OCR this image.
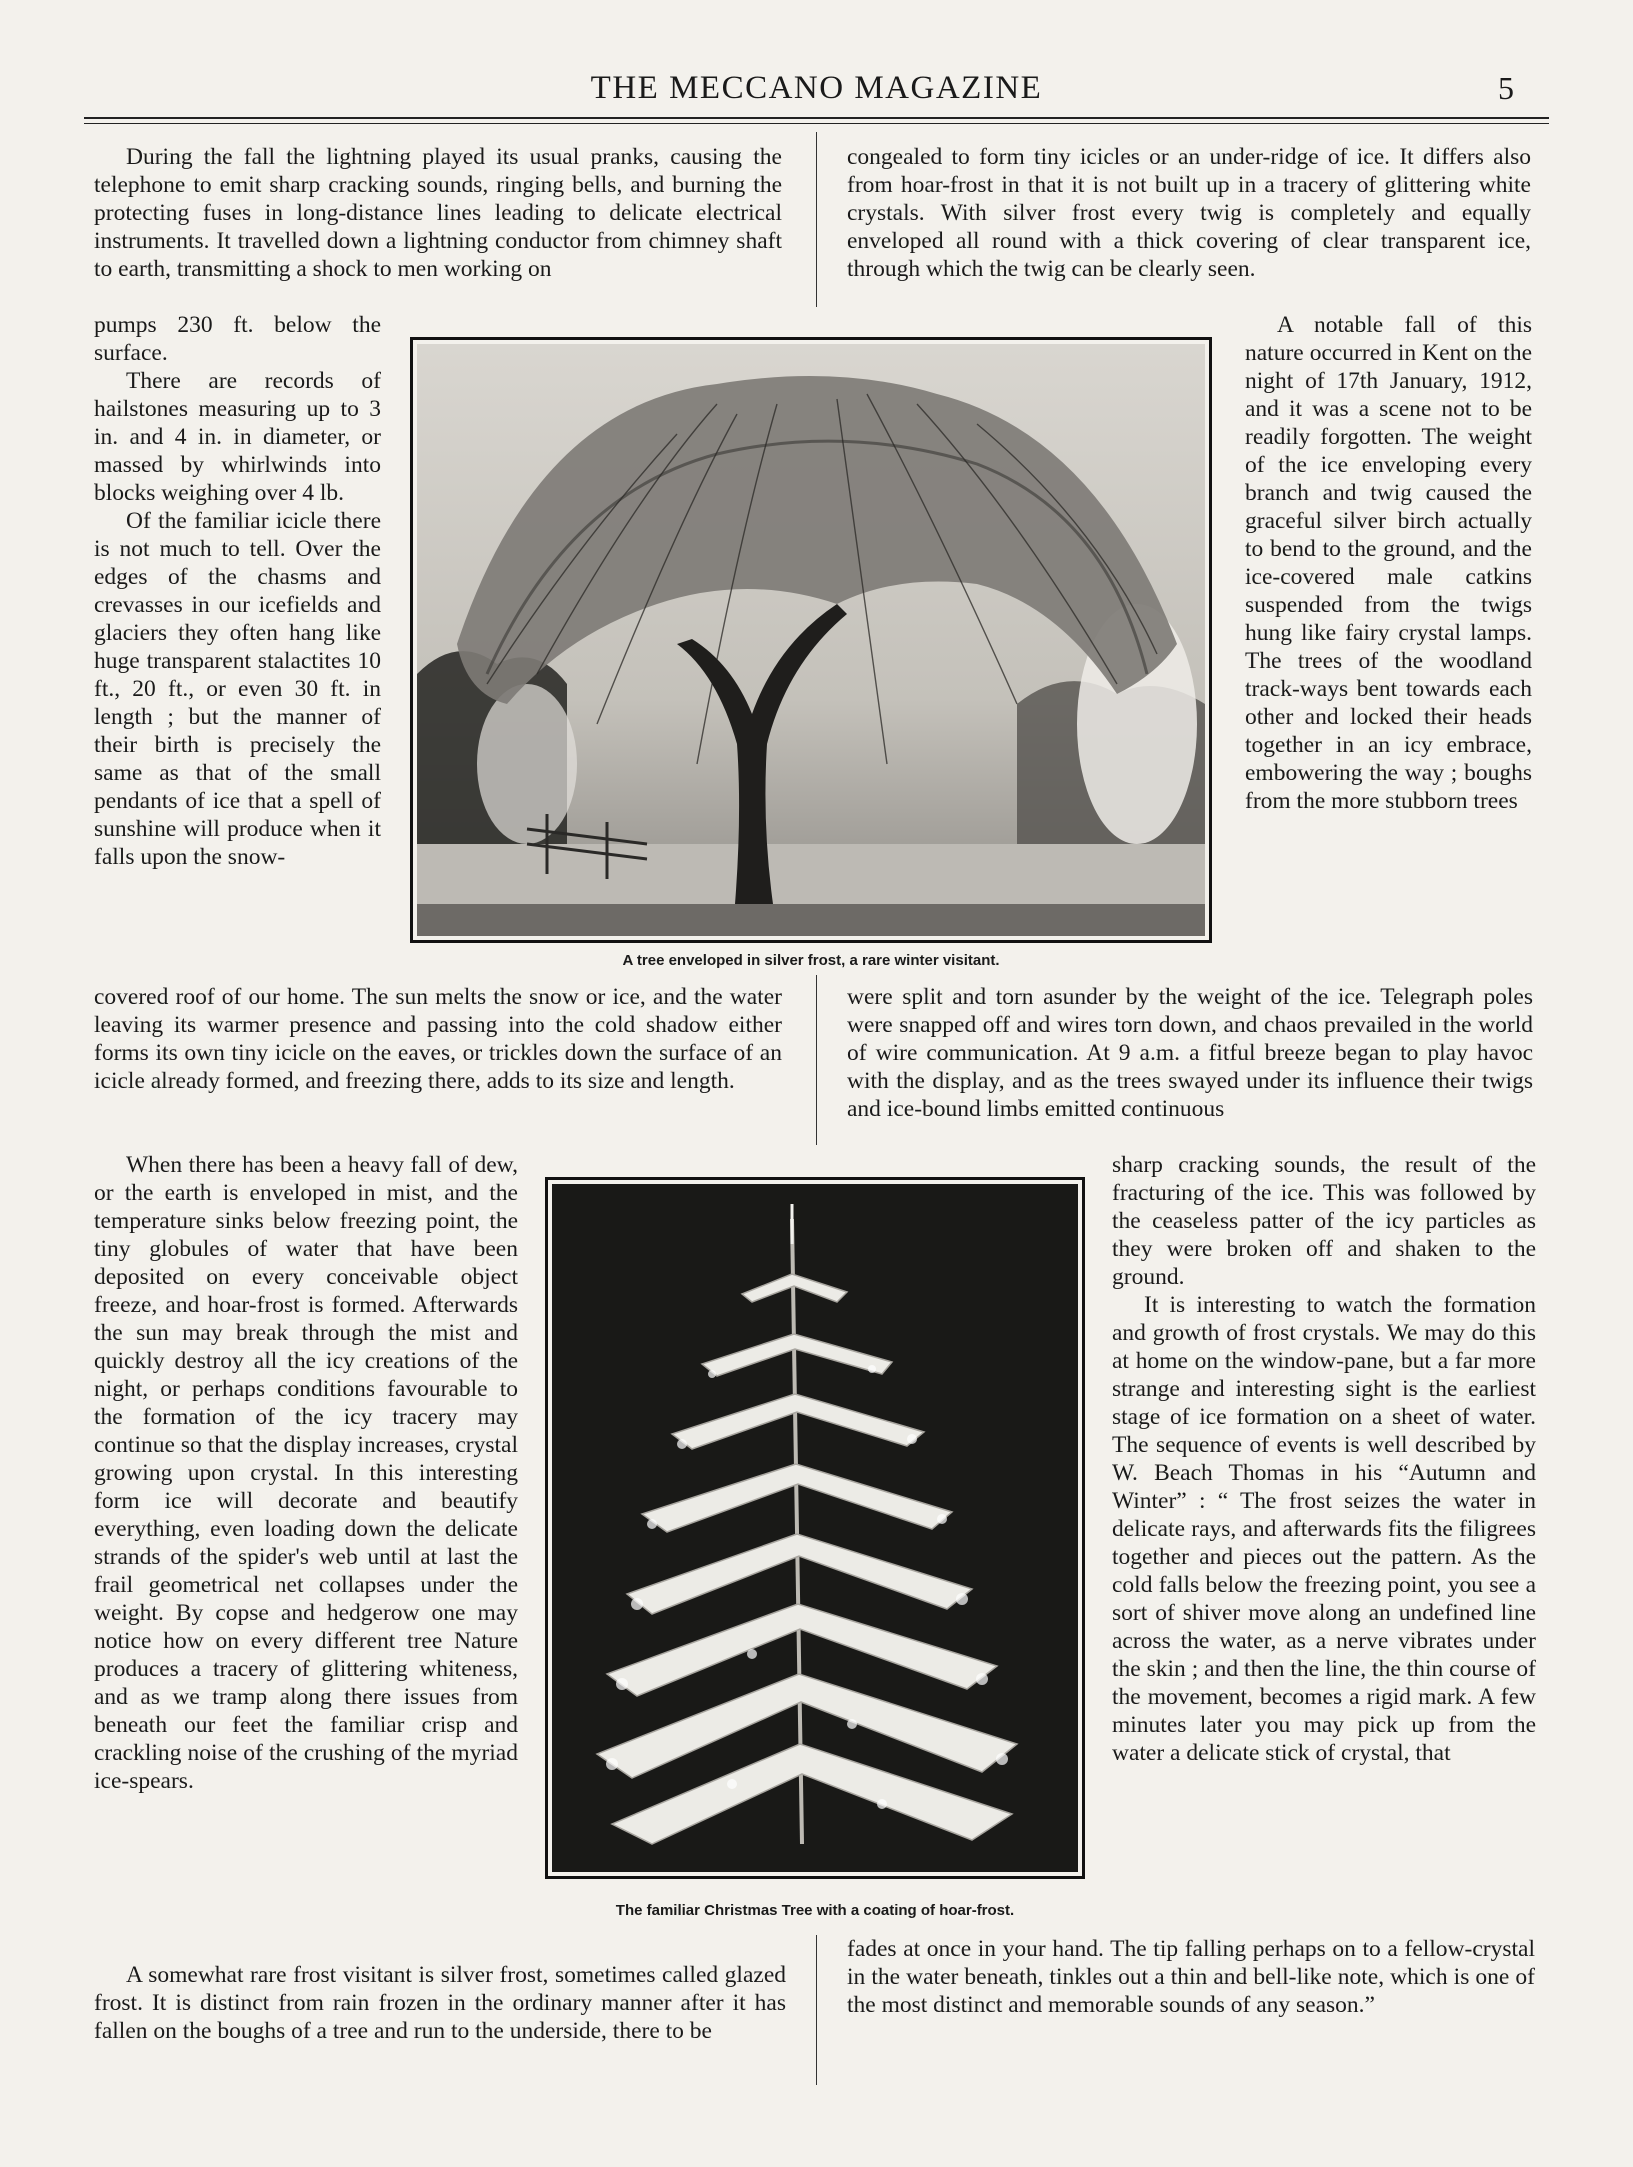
THE MECCANO MAGAZINE	5

During the fall the lightning played its usual pranks, causing the telephone to emit sharp cracking sounds, ringing bells, and burning the protecting fuses in long-distance lines leading to delicate electrical instruments. It travelled down a lightning conductor from chimney shaft to earth, transmitting a shock to men working on

pumps 230 ft. below the surface.

There are records of hailstones measuring up to 3 in. and 4 in. in diameter, or massed by whirlwinds into blocks weighing over 4 lb.

Of the familiar icicle there is not much to tell. Over the edges of the chasms and crevasses in our icefields and glaciers they often hang like huge transparent stalactites 10 ft., 20 ft., or even 30 ft. in length ; but the manner of their birth is precisely the same as that of the small pendants of ice that a spell of sunshine will produce when it falls upon the snow-

covered roof of our home. The sun melts the snow or ice, and the water leaving its warmer presence and passing into the cold shadow either forms its own tiny icicle on the eaves, or trickles down the surface of an icicle already formed, and freezing there, adds to its size and length.

When there has been a heavy fall of dew, or the earth is enveloped in mist, and the temperature sinks below freezing point, the tiny globules of water that have been deposited on every conceivable object freeze, and hoar-frost is formed. Afterwards the sun may break through the mist and quickly destroy all the icy creations of the night, or perhaps conditions favourable to the formation of the icy tracery may continue so that the display increases, crystal growing upon crystal. In this interesting form ice will decorate and beautify everything, even loading down the delicate strands of the spider's web until at last the frail geometrical net collapses under the weight. By copse and hedgerow one may notice how on every different tree Nature produces a tracery of glittering whiteness, and as we tramp along there issues from beneath our feet the familiar crisp and crackling noise of the crushing of the myriad ice-spears.

A somewhat rare frost visitant is silver frost, sometimes called glazed frost. It is distinct from rain frozen in the ordinary manner after it has fallen on the boughs of a tree and run to the underside, there to be

congealed to form tiny icicles or an under-ridge of ice. It differs also from hoar-frost in that it is not built up in a tracery of glittering white crystals. With silver frost every twig is completely and equally enveloped all round with a thick covering of clear transparent ice, through which the twig can be clearly seen.

A notable fall of this nature occurred in Kent on the night of 17th January, 1912, and it was a scene not to be readily forgotten. The weight of the ice enveloping every branch and twig caused the graceful silver birch actually to bend to the ground, and the ice-covered male catkins suspended from the twigs hung like fairy crystal lamps. The trees of the woodland track-ways bent towards each other and locked their heads together in an icy embrace, embowering the way ; boughs from the more stubborn trees

were split and torn asunder by the weight of the ice. Telegraph poles were snapped off and wires torn down, and chaos prevailed in the world of wire communication. At 9 a.m. a fitful breeze began to play havoc with the display, and as the trees swayed under its influence their twigs and ice-bound limbs emitted continuous

sharp cracking sounds, the result of the fracturing of the ice. This was followed by the ceaseless patter of the icy particles as they were broken off and shaken to the ground.

It is interesting to watch the formation and growth of frost crystals. We may do this at home on the window-pane, but a far more strange and interesting sight is the earliest stage of ice formation on a sheet of water. The sequence of events is well described by W. Beach Thomas in his “Autumn and Winter” : “ The frost seizes the water in delicate rays, and afterwards fits the filigrees together and pieces out the pattern. As the cold falls below the freezing point, you see a sort of shiver move along an undefined line across the water, as a nerve vibrates under the skin ; and then the line, the thin course of the movement, becomes a rigid mark. A few minutes later you may pick up from the water a delicate stick of crystal, that

fades at once in your hand. The tip falling perhaps on to a fellow-crystal in the water beneath, tinkles out a thin and bell-like note, which is one of the most distinct and memorable sounds of any season.”

A tree enveloped in silver frost, a rare winter visitant.
The familiar Christmas Tree with a coating of hoar-frost.
